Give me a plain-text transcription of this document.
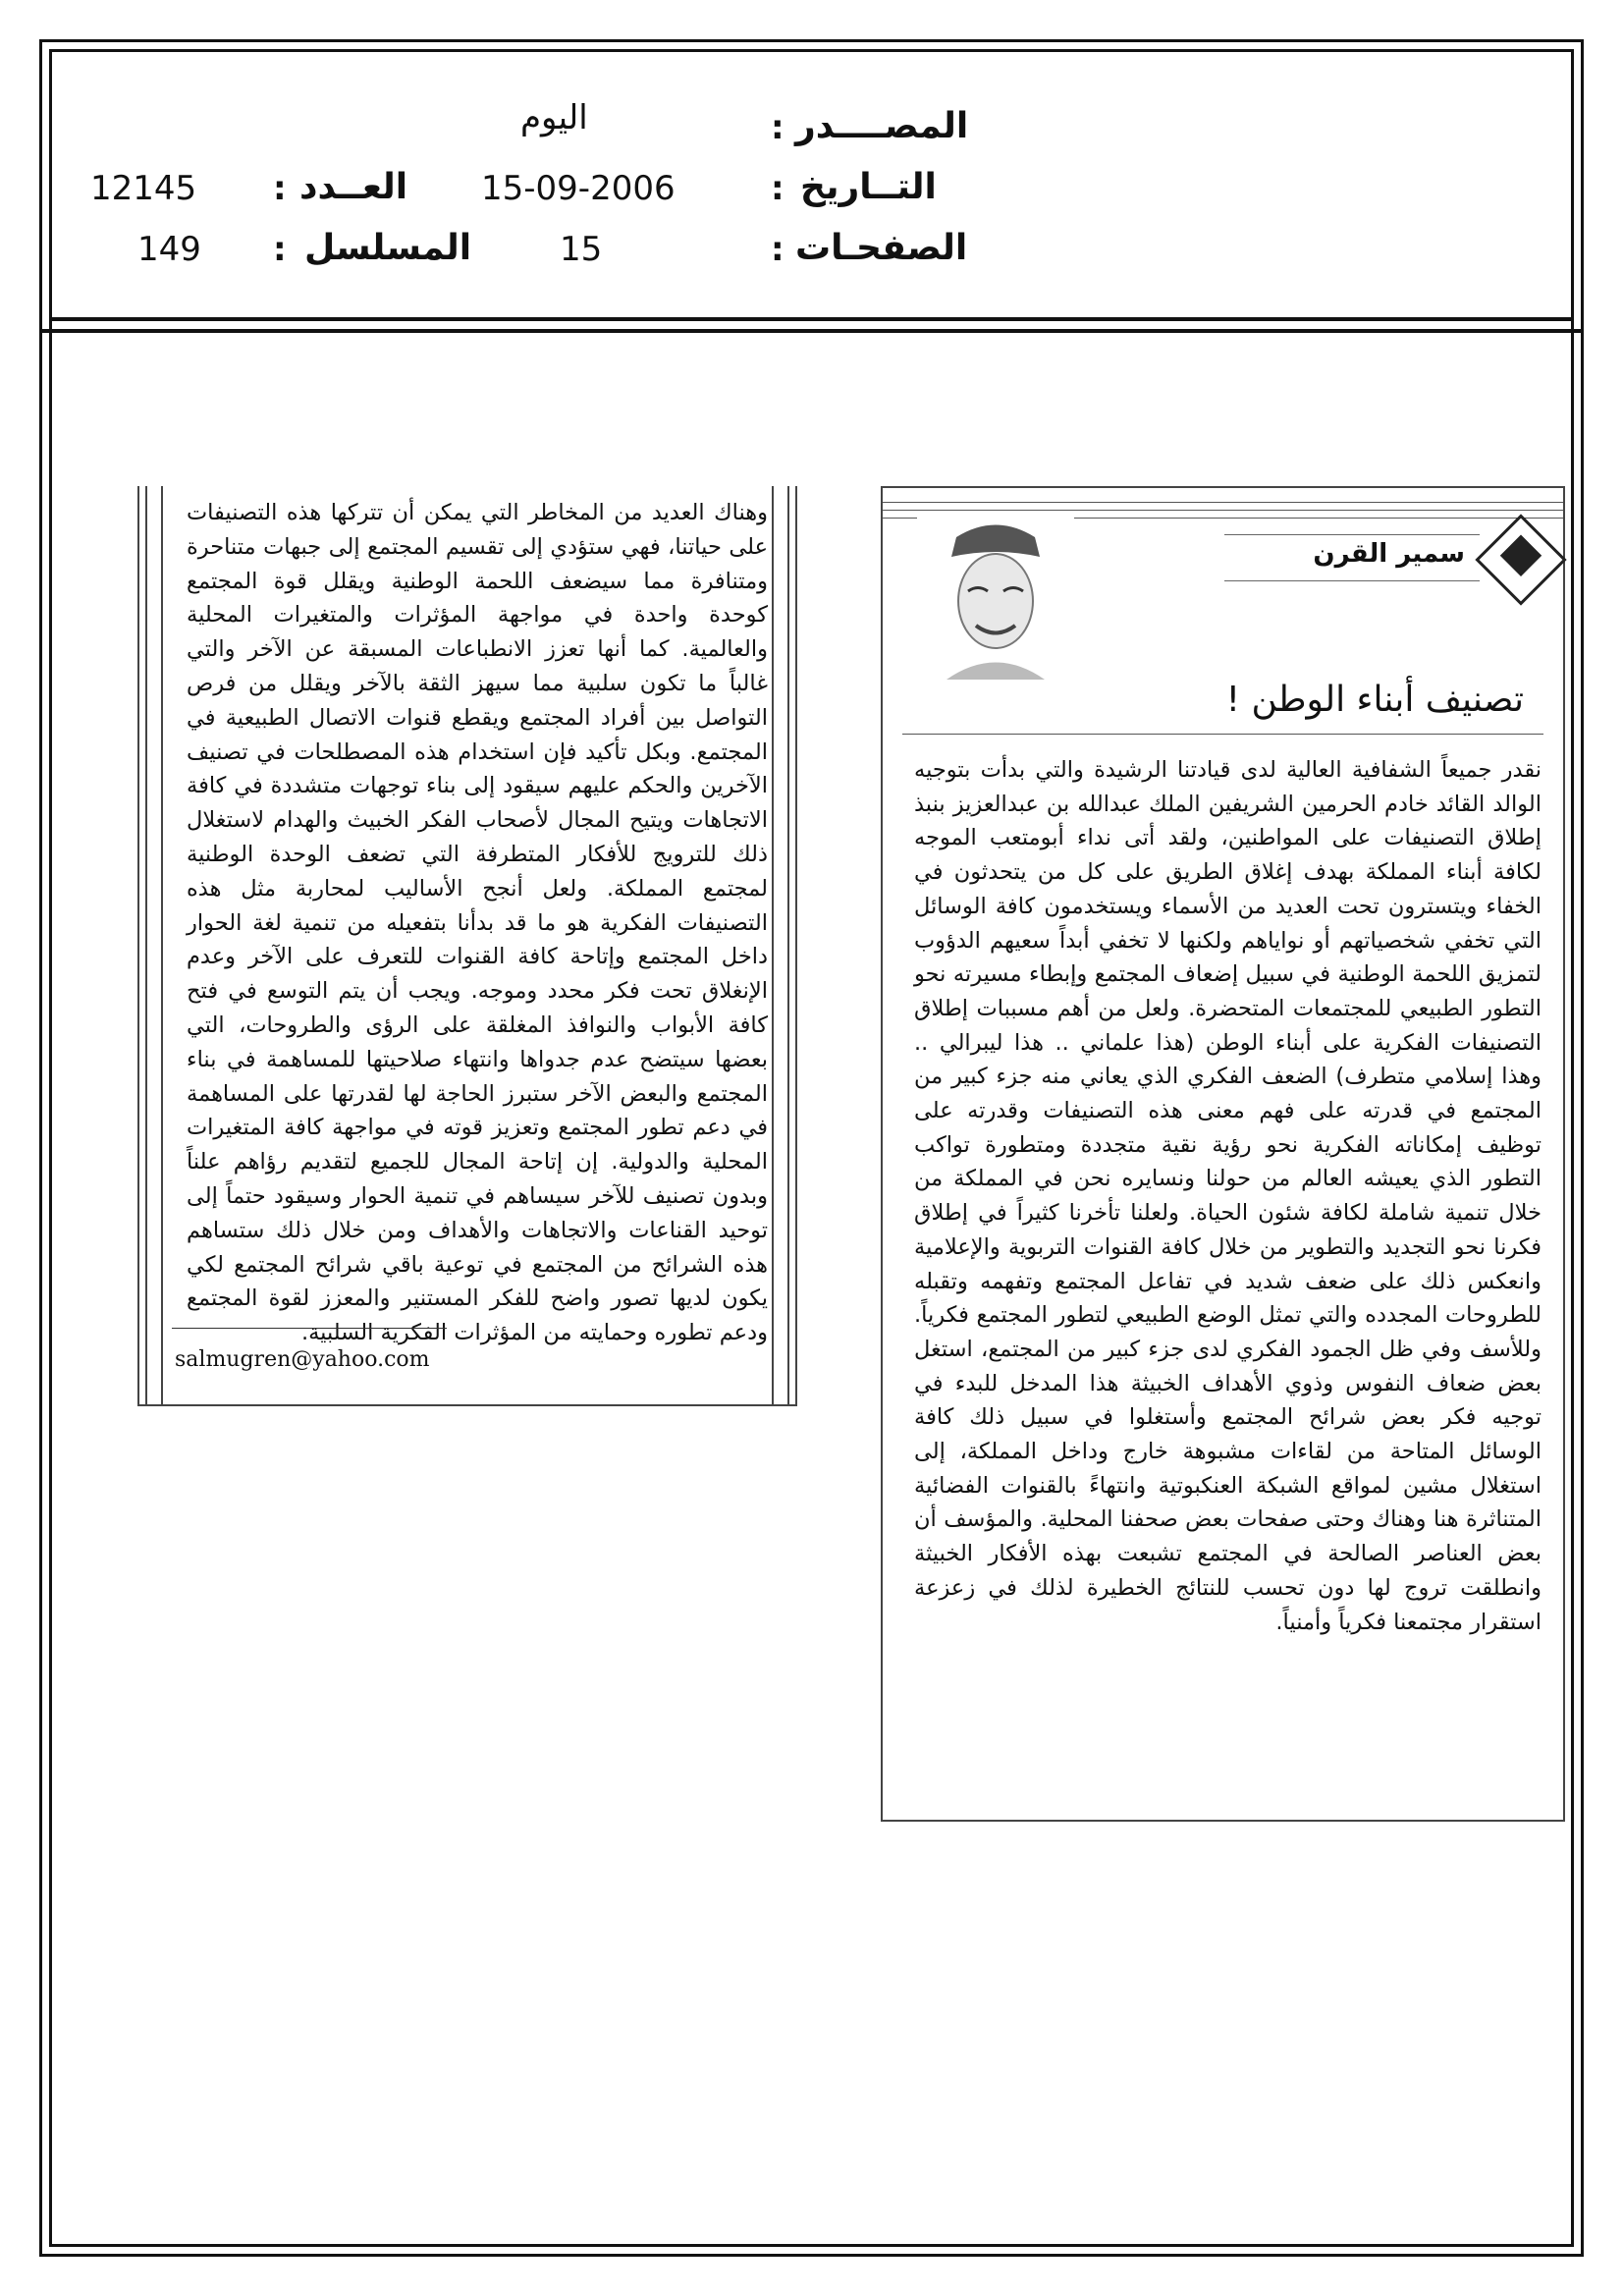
المصــــدر
:
اليوم
التــاريخ
:
15-09-2006
العــدد
:
12145
الصفحـات
:
15
المسلسل
:
149
سمير القرن
تصنيف أبناء الوطن !
نقدر جميعاً الشفافية العالية لدى قيادتنا الرشيدة والتي بدأت بتوجيه الوالد القائد خادم الحرمين الشريفين الملك عبدالله بن عبدالعزيز بنبذ إطلاق التصنيفات على المواطنين، ولقد أتى نداء أبومتعب الموجه لكافة أبناء المملكة بهدف إغلاق الطريق على كل من يتحدثون في الخفاء ويتسترون تحت العديد من الأسماء ويستخدمون كافة الوسائل التي تخفي شخصياتهم أو نواياهم ولكنها لا تخفي أبداً سعيهم الدؤوب لتمزيق اللحمة الوطنية في سبيل إضعاف المجتمع وإبطاء مسيرته نحو التطور الطبيعي للمجتمعات المتحضرة. ولعل من أهم مسببات إطلاق التصنيفات الفكرية على أبناء الوطن (هذا علماني .. هذا ليبرالي .. وهذا إسلامي متطرف) الضعف الفكري الذي يعاني منه جزء كبير من المجتمع في قدرته على فهم معنى هذه التصنيفات وقدرته على توظيف إمكاناته الفكرية نحو رؤية نقية متجددة ومتطورة تواكب التطور الذي يعيشه العالم من حولنا ونسايره نحن في المملكة من خلال تنمية شاملة لكافة شئون الحياة. ولعلنا تأخرنا كثيراً في إطلاق فكرنا نحو التجديد والتطوير من خلال كافة القنوات التربوية والإعلامية وانعكس ذلك على ضعف شديد في تفاعل المجتمع وتفهمه وتقبله للطروحات المجدده والتي تمثل الوضع الطبيعي لتطور المجتمع فكرياً. وللأسف وفي ظل الجمود الفكري لدى جزء كبير من المجتمع، استغل بعض ضعاف النفوس وذوي الأهداف الخبيثة هذا المدخل للبدء في توجيه فكر بعض شرائح المجتمع وأستغلوا في سبيل ذلك كافة الوسائل المتاحة من لقاءات مشبوهة خارج وداخل المملكة، إلى استغلال مشين لمواقع الشبكة العنكبوتية وانتهاءً بالقنوات الفضائية المتناثرة هنا وهناك وحتى صفحات بعض صحفنا المحلية. والمؤسف أن بعض العناصر الصالحة في المجتمع تشبعت بهذه الأفكار الخبيثة وانطلقت تروج لها دون تحسب للنتائج الخطيرة لذلك في زعزعة استقرار مجتمعنا فكرياً وأمنياً.
وهناك العديد من المخاطر التي يمكن أن تتركها هذه التصنيفات على حياتنا، فهي ستؤدي إلى تقسيم المجتمع إلى جبهات متناحرة ومتنافرة مما سيضعف اللحمة الوطنية ويقلل قوة المجتمع كوحدة واحدة في مواجهة المؤثرات والمتغيرات المحلية والعالمية. كما أنها تعزز الانطباعات المسبقة عن الآخر والتي غالباً ما تكون سلبية مما سيهز الثقة بالآخر ويقلل من فرص التواصل بين أفراد المجتمع ويقطع قنوات الاتصال الطبيعية في المجتمع. وبكل تأكيد فإن استخدام هذه المصطلحات في تصنيف الآخرين والحكم عليهم سيقود إلى بناء توجهات متشددة في كافة الاتجاهات ويتيح المجال لأصحاب الفكر الخبيث والهدام لاستغلال ذلك للترويج للأفكار المتطرفة التي تضعف الوحدة الوطنية لمجتمع المملكة. ولعل أنجح الأساليب لمحاربة مثل هذه التصنيفات الفكرية هو ما قد بدأنا بتفعيله من تنمية لغة الحوار داخل المجتمع وإتاحة كافة القنوات للتعرف على الآخر وعدم الإنغلاق تحت فكر محدد وموجه. ويجب أن يتم التوسع في فتح كافة الأبواب والنوافذ المغلقة على الرؤى والطروحات، التي بعضها سيتضح عدم جدواها وانتهاء صلاحيتها للمساهمة في بناء المجتمع والبعض الآخر ستبرز الحاجة لها لقدرتها على المساهمة في دعم تطور المجتمع وتعزيز قوته في مواجهة كافة المتغيرات المحلية والدولية. إن إتاحة المجال للجميع لتقديم رؤاهم علناً وبدون تصنيف للآخر سيساهم في تنمية الحوار وسيقود حتماً إلى توحيد القناعات والاتجاهات والأهداف ومن خلال ذلك ستساهم هذه الشرائح من المجتمع في توعية باقي شرائح المجتمع لكي يكون لديها تصور واضح للفكر المستنير والمعزز لقوة المجتمع ودعم تطوره وحمايته من المؤثرات الفكرية السلبية.
salmugren@yahoo.com
